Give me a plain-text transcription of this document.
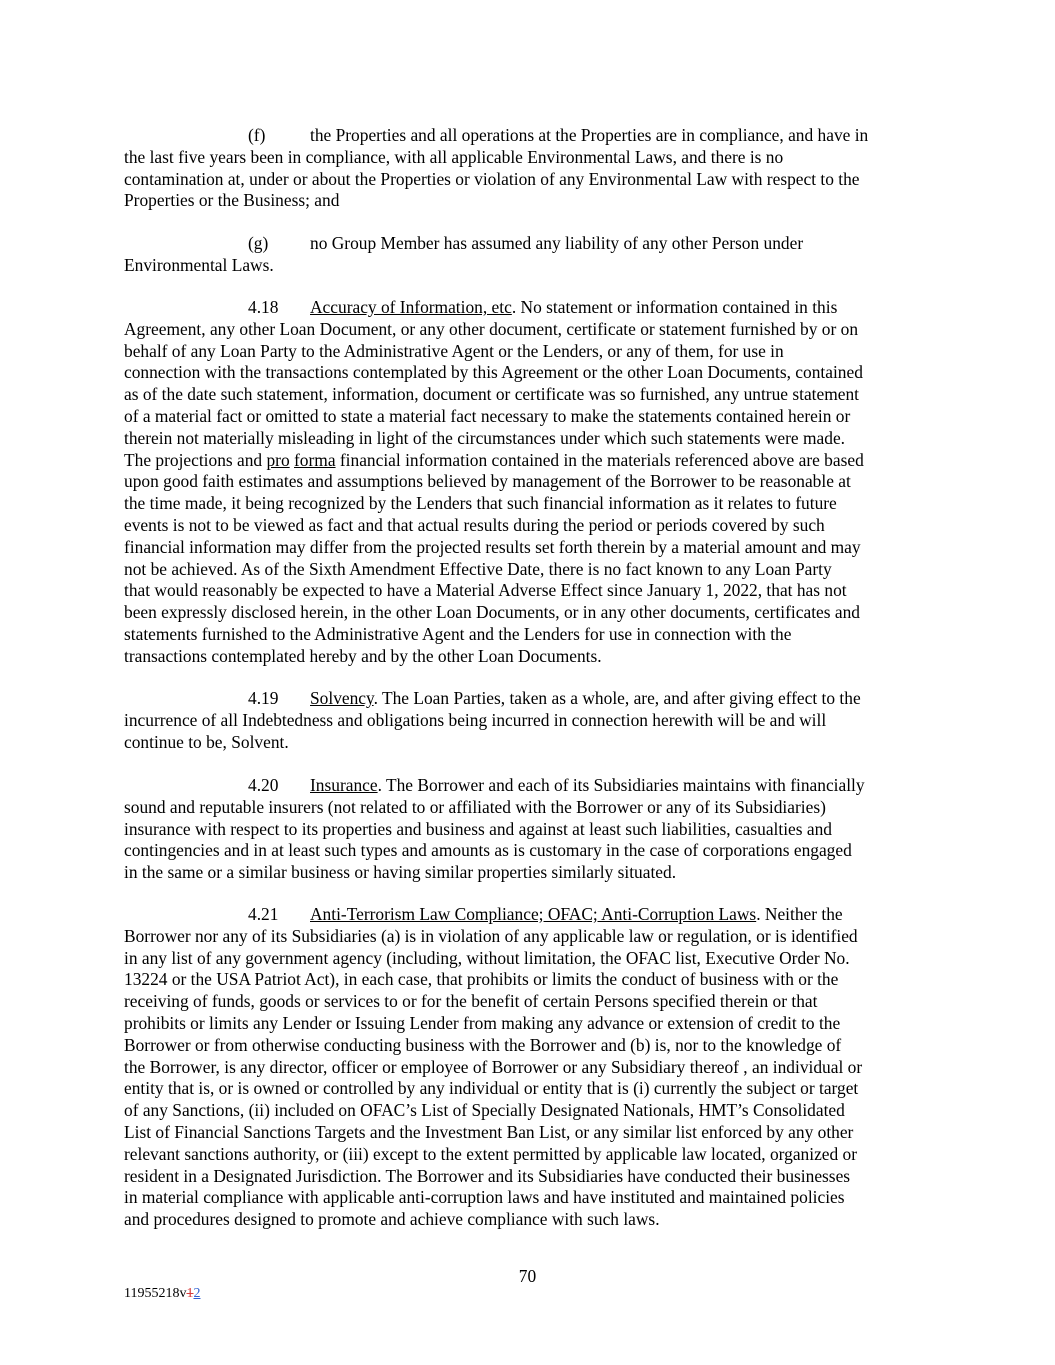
(f)	the Properties and all operations at the Properties are in compliance, and have in
the last five years been in compliance, with all applicable Environmental Laws, and there is no
contamination at, under or about the Properties or violation of any Environmental Law with respect to the
Properties or the Business; and
(g) no Group Member has assumed any liability of any other Person under
Environmental Laws.
4.18 Accuracy of Information, etc. No statement or information contained in this
Agreement, any other Loan Document, or any other document, certificate or statement furnished by or on
behalf of any Loan Party to the Administrative Agent or the Lenders, or any of them, for use in
connection with the transactions contemplated by this Agreement or the other Loan Documents, contained
as of the date such statement, information, document or certificate was so furnished, any untrue statement
of a material fact or omitted to state a material fact necessary to make the statements contained herein or
therein not materially misleading in light of the circumstances under which such statements were made.
The projections and pro forma financial information contained in the materials referenced above are based
upon good faith estimates and assumptions believed by management of the Borrower to be reasonable at
the time made, it being recognized by the Lenders that such financial information as it relates to future
events is not to be viewed as fact and that actual results during the period or periods covered by such
financial information may differ from the projected results set forth therein by a material amount and may
not be achieved. As of the Sixth Amendment Effective Date, there is no fact known to any Loan Party
that would reasonably be expected to have a Material Adverse Effect since January 1, 2022, that has not
been expressly disclosed herein, in the other Loan Documents, or in any other documents, certificates and
statements furnished to the Administrative Agent and the Lenders for use in connection with the
transactions contemplated hereby and by the other Loan Documents.
4.19 Solvency. The Loan Parties, taken as a whole, are, and after giving effect to the
incurrence of all Indebtedness and obligations being incurred in connection herewith will be and will
continue to be, Solvent.
4.20 Insurance. The Borrower and each of its Subsidiaries maintains with financially
sound and reputable insurers (not related to or affiliated with the Borrower or any of its Subsidiaries)
insurance with respect to its properties and business and against at least such liabilities, casualties and
contingencies and in at least such types and amounts as is customary in the case of corporations engaged
in the same or a similar business or having similar properties similarly situated.
4.21 Anti-Terrorism Law Compliance; OFAC; Anti-Corruption Laws. Neither the
Borrower nor any of its Subsidiaries (a) is in violation of any applicable law or regulation, or is identified
in any list of any government agency (including, without limitation, the OFAC list, Executive Order No.
13224 or the USA Patriot Act), in each case, that prohibits or limits the conduct of business with or the
receiving of funds, goods or services to or for the benefit of certain Persons specified therein or that
prohibits or limits any Lender or Issuing Lender from making any advance or extension of credit to the
Borrower or from otherwise conducting business with the Borrower and (b) is, nor to the knowledge of
the Borrower, is any director, officer or employee of Borrower or any Subsidiary thereof , an individual or
entity that is, or is owned or controlled by any individual or entity that is (i) currently the subject or target
of any Sanctions, (ii) included on OFAC’s List of Specially Designated Nationals, HMT’s Consolidated
List of Financial Sanctions Targets and the Investment Ban List, or any similar list enforced by any other
relevant sanctions authority, or (iii) except to the extent permitted by applicable law located, organized or
resident in a Designated Jurisdiction. The Borrower and its Subsidiaries have conducted their businesses
in material compliance with applicable anti-corruption laws and have instituted and maintained policies
and procedures designed to promote and achieve compliance with such laws.
70
11955218v12
